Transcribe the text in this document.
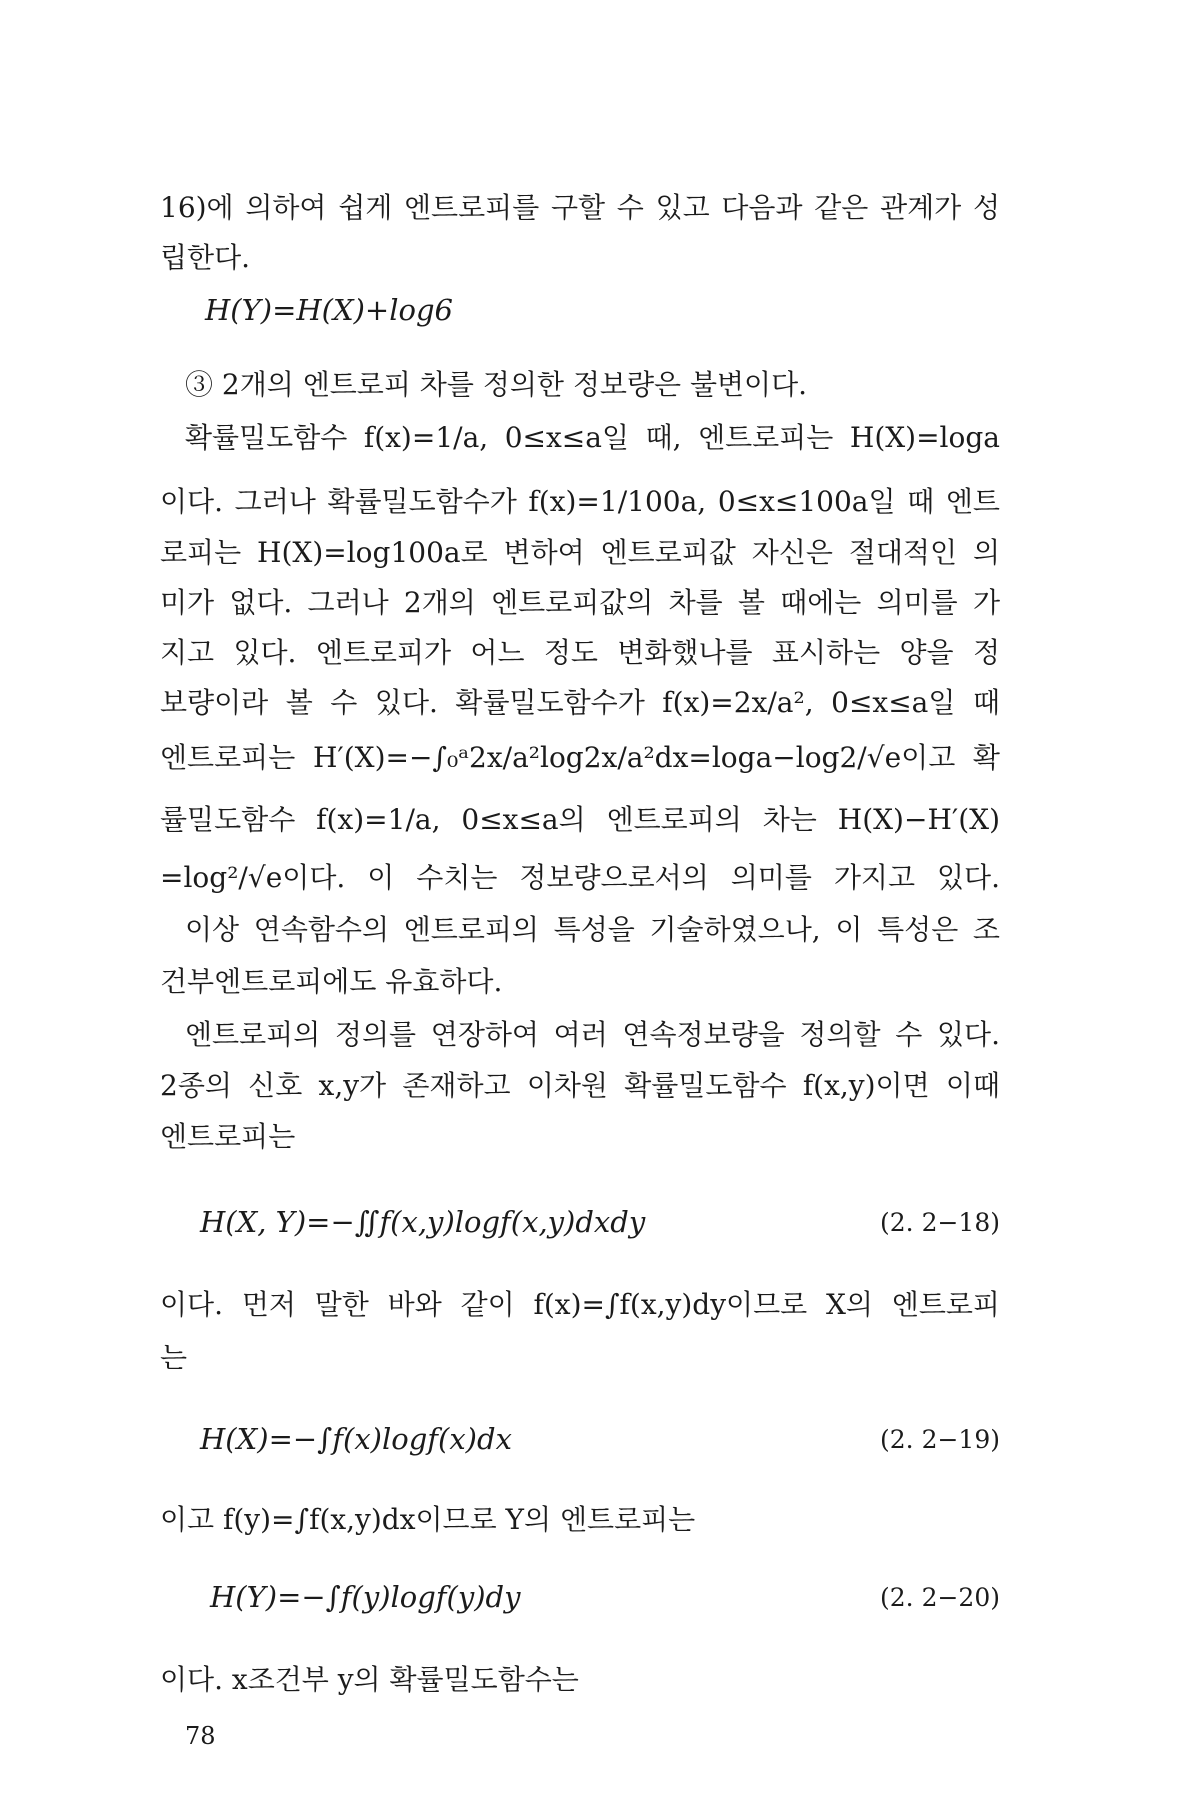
16)에 의하여 쉽게 엔트로피를 구할 수 있고 다음과 같은 관계가 성
립한다.
H(Y)=H(X)+log6
③ 2개의 엔트로피 차를 정의한 정보량은 불변이다.
확률밀도함수 f(x)=1/a, 0≤x≤a일 때, 엔트로피는 H(X)=loga
이다. 그러나 확률밀도함수가 f(x)=1/100a, 0≤x≤100a일 때 엔트
로피는 H(X)=log100a로 변하여 엔트로피값 자신은 절대적인 의
미가 없다. 그러나 2개의 엔트로피값의 차를 볼 때에는 의미를 가
지고 있다. 엔트로피가 어느 정도 변화했나를 표시하는 양을 정
보량이라 볼 수 있다. 확률밀도함수가 f(x)=2x/a², 0≤x≤a일 때
엔트로피는 H′(X)=−∫₀ᵃ2x/a²log2x/a²dx=loga−log2/√e이고 확
률밀도함수 f(x)=1/a, 0≤x≤a의 엔트로피의 차는 H(X)−H′(X)
=log²/√e이다. 이 수치는 정보량으로서의 의미를 가지고 있다.
이상 연속함수의 엔트로피의 특성을 기술하였으나, 이 특성은 조
건부엔트로피에도 유효하다.
엔트로피의 정의를 연장하여 여러 연속정보량을 정의할 수 있다.
2종의 신호 x,y가 존재하고 이차원 확률밀도함수 f(x,y)이면 이때
엔트로피는
H(X, Y)=−∬f(x,y)logf(x,y)dxdy	(2. 2−18)
이다. 먼저 말한 바와 같이 f(x)=∫f(x,y)dy이므로 X의 엔트로피
는
H(X)=−∫f(x)logf(x)dx	(2. 2−19)
이고 f(y)=∫f(x,y)dx이므로 Y의 엔트로피는
H(Y)=−∫f(y)logf(y)dy	(2. 2−20)
이다. x조건부 y의 확률밀도함수는
78
